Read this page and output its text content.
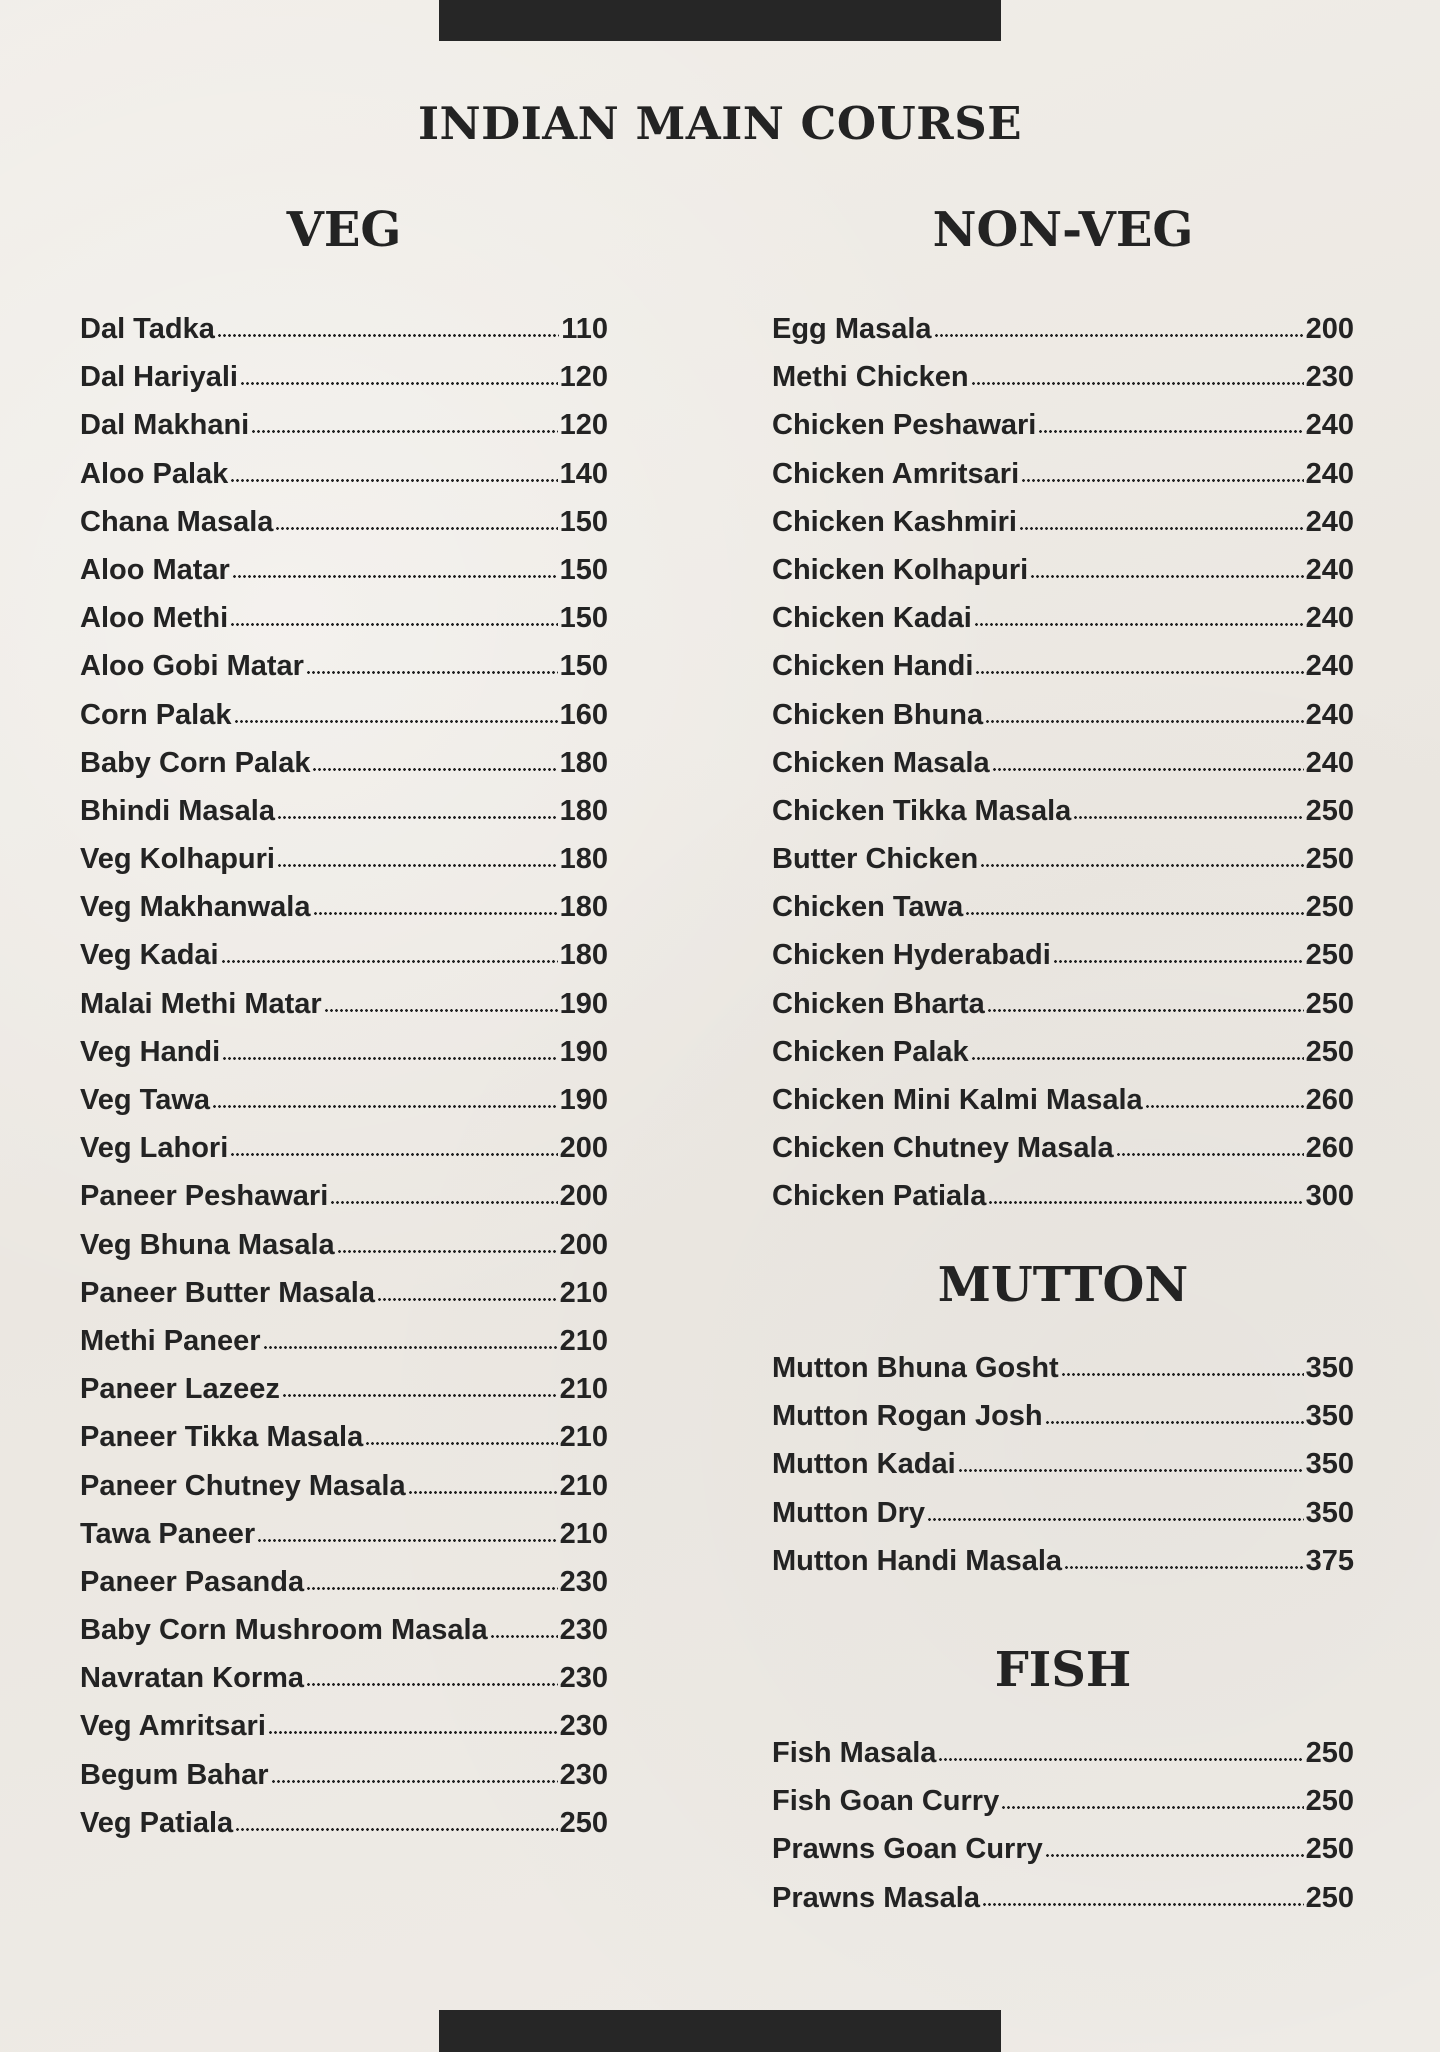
INDIAN MAIN COURSE
VEG
Dal Tadka	110
Dal Hariyali	120
Dal Makhani	120
Aloo Palak	140
Chana Masala	150
Aloo Matar	150
Aloo Methi	150
Aloo Gobi Matar	150
Corn Palak	160
Baby Corn Palak	180
Bhindi Masala	180
Veg Kolhapuri	180
Veg Makhanwala	180
Veg Kadai	180
Malai Methi Matar	190
Veg Handi	190
Veg Tawa	190
Veg Lahori	200
Paneer Peshawari	200
Veg Bhuna Masala	200
Paneer Butter Masala	210
Methi Paneer	210
Paneer Lazeez	210
Paneer Tikka Masala	210
Paneer Chutney Masala	210
Tawa Paneer	210
Paneer Pasanda	230
Baby Corn Mushroom Masala 230
Navratan Korma	230
Veg Amritsari	230
Begum Bahar	230
Veg Patiala	250
NON-VEG
Egg Masala	200
Methi Chicken	230
Chicken Peshawari	240
Chicken Amritsari	240
Chicken Kashmiri	240
Chicken Kolhapuri	240
Chicken Kadai	240
Chicken Handi	240
Chicken Bhuna	240
Chicken Masala	240
Chicken Tikka Masala	250
Butter Chicken	250
Chicken Tawa	250
Chicken Hyderabadi	250
Chicken Bharta	250
Chicken Palak	250
Chicken Mini Kalmi Masala	260
Chicken Chutney Masala	260
Chicken Patiala	300
MUTTON
Mutton Bhuna Gosht	350
Mutton Rogan Josh	350
Mutton Kadai	350
Mutton Dry	350
Mutton Handi Masala	375
FISH
Fish Masala	250
Fish Goan Curry	250
Prawns Goan Curry	250
Prawns Masala	250
